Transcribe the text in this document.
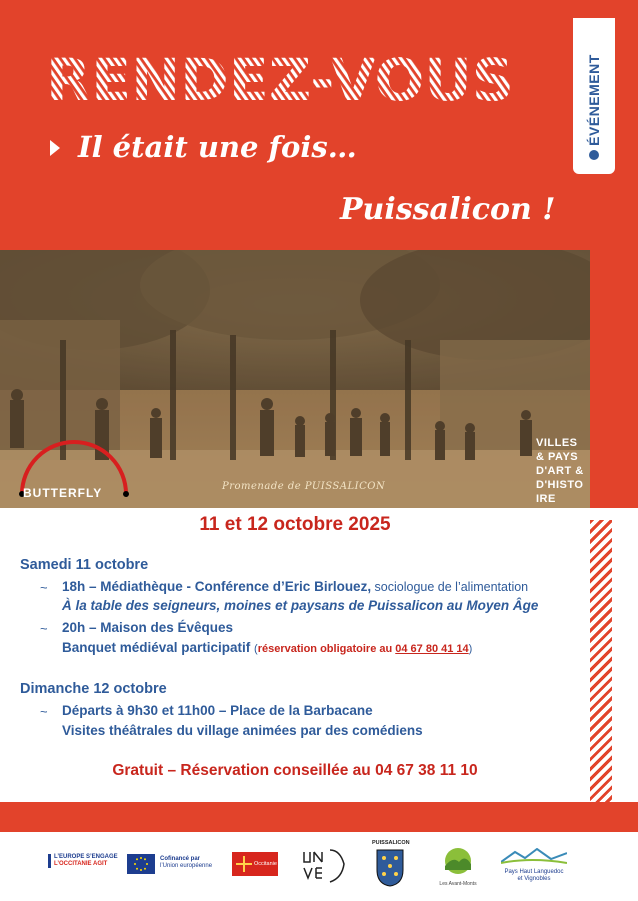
ÉVÉNEMENT
RENDEZ-VOUS
Il était une fois…
Puissalicon !
Promenade de PUISSALICON
BUTTERFLY
VILLES
& PAYS
D'ART &
D'HISTO
IRE
11 et 12 octobre 2025
Samedi 11 octobre
~ 18h – Médiathèque - Conférence d’Eric Birlouez, sociologue de l’alimentation
À la table des seigneurs, moines et paysans de Puissalicon au Moyen Âge
~ 20h – Maison des Évêques
Banquet médiéval participatif (réservation obligatoire au 04 67 80 41 14)
Dimanche 12 octobre
~ Départs à 9h30 et 11h00 – Place de la Barbacane
Visites théâtrales du village animées par des comédiens
Gratuit – Réservation conseillée au 04 67 38 11 10
L’EUROPE S’ENGAGE
L’OCCITANIE AGIT
Cofinancé par
l’Union européenne	Occitanie
PUISSALICON
Les Avant-Monts
Pays Haut Languedoc
et Vignobles
